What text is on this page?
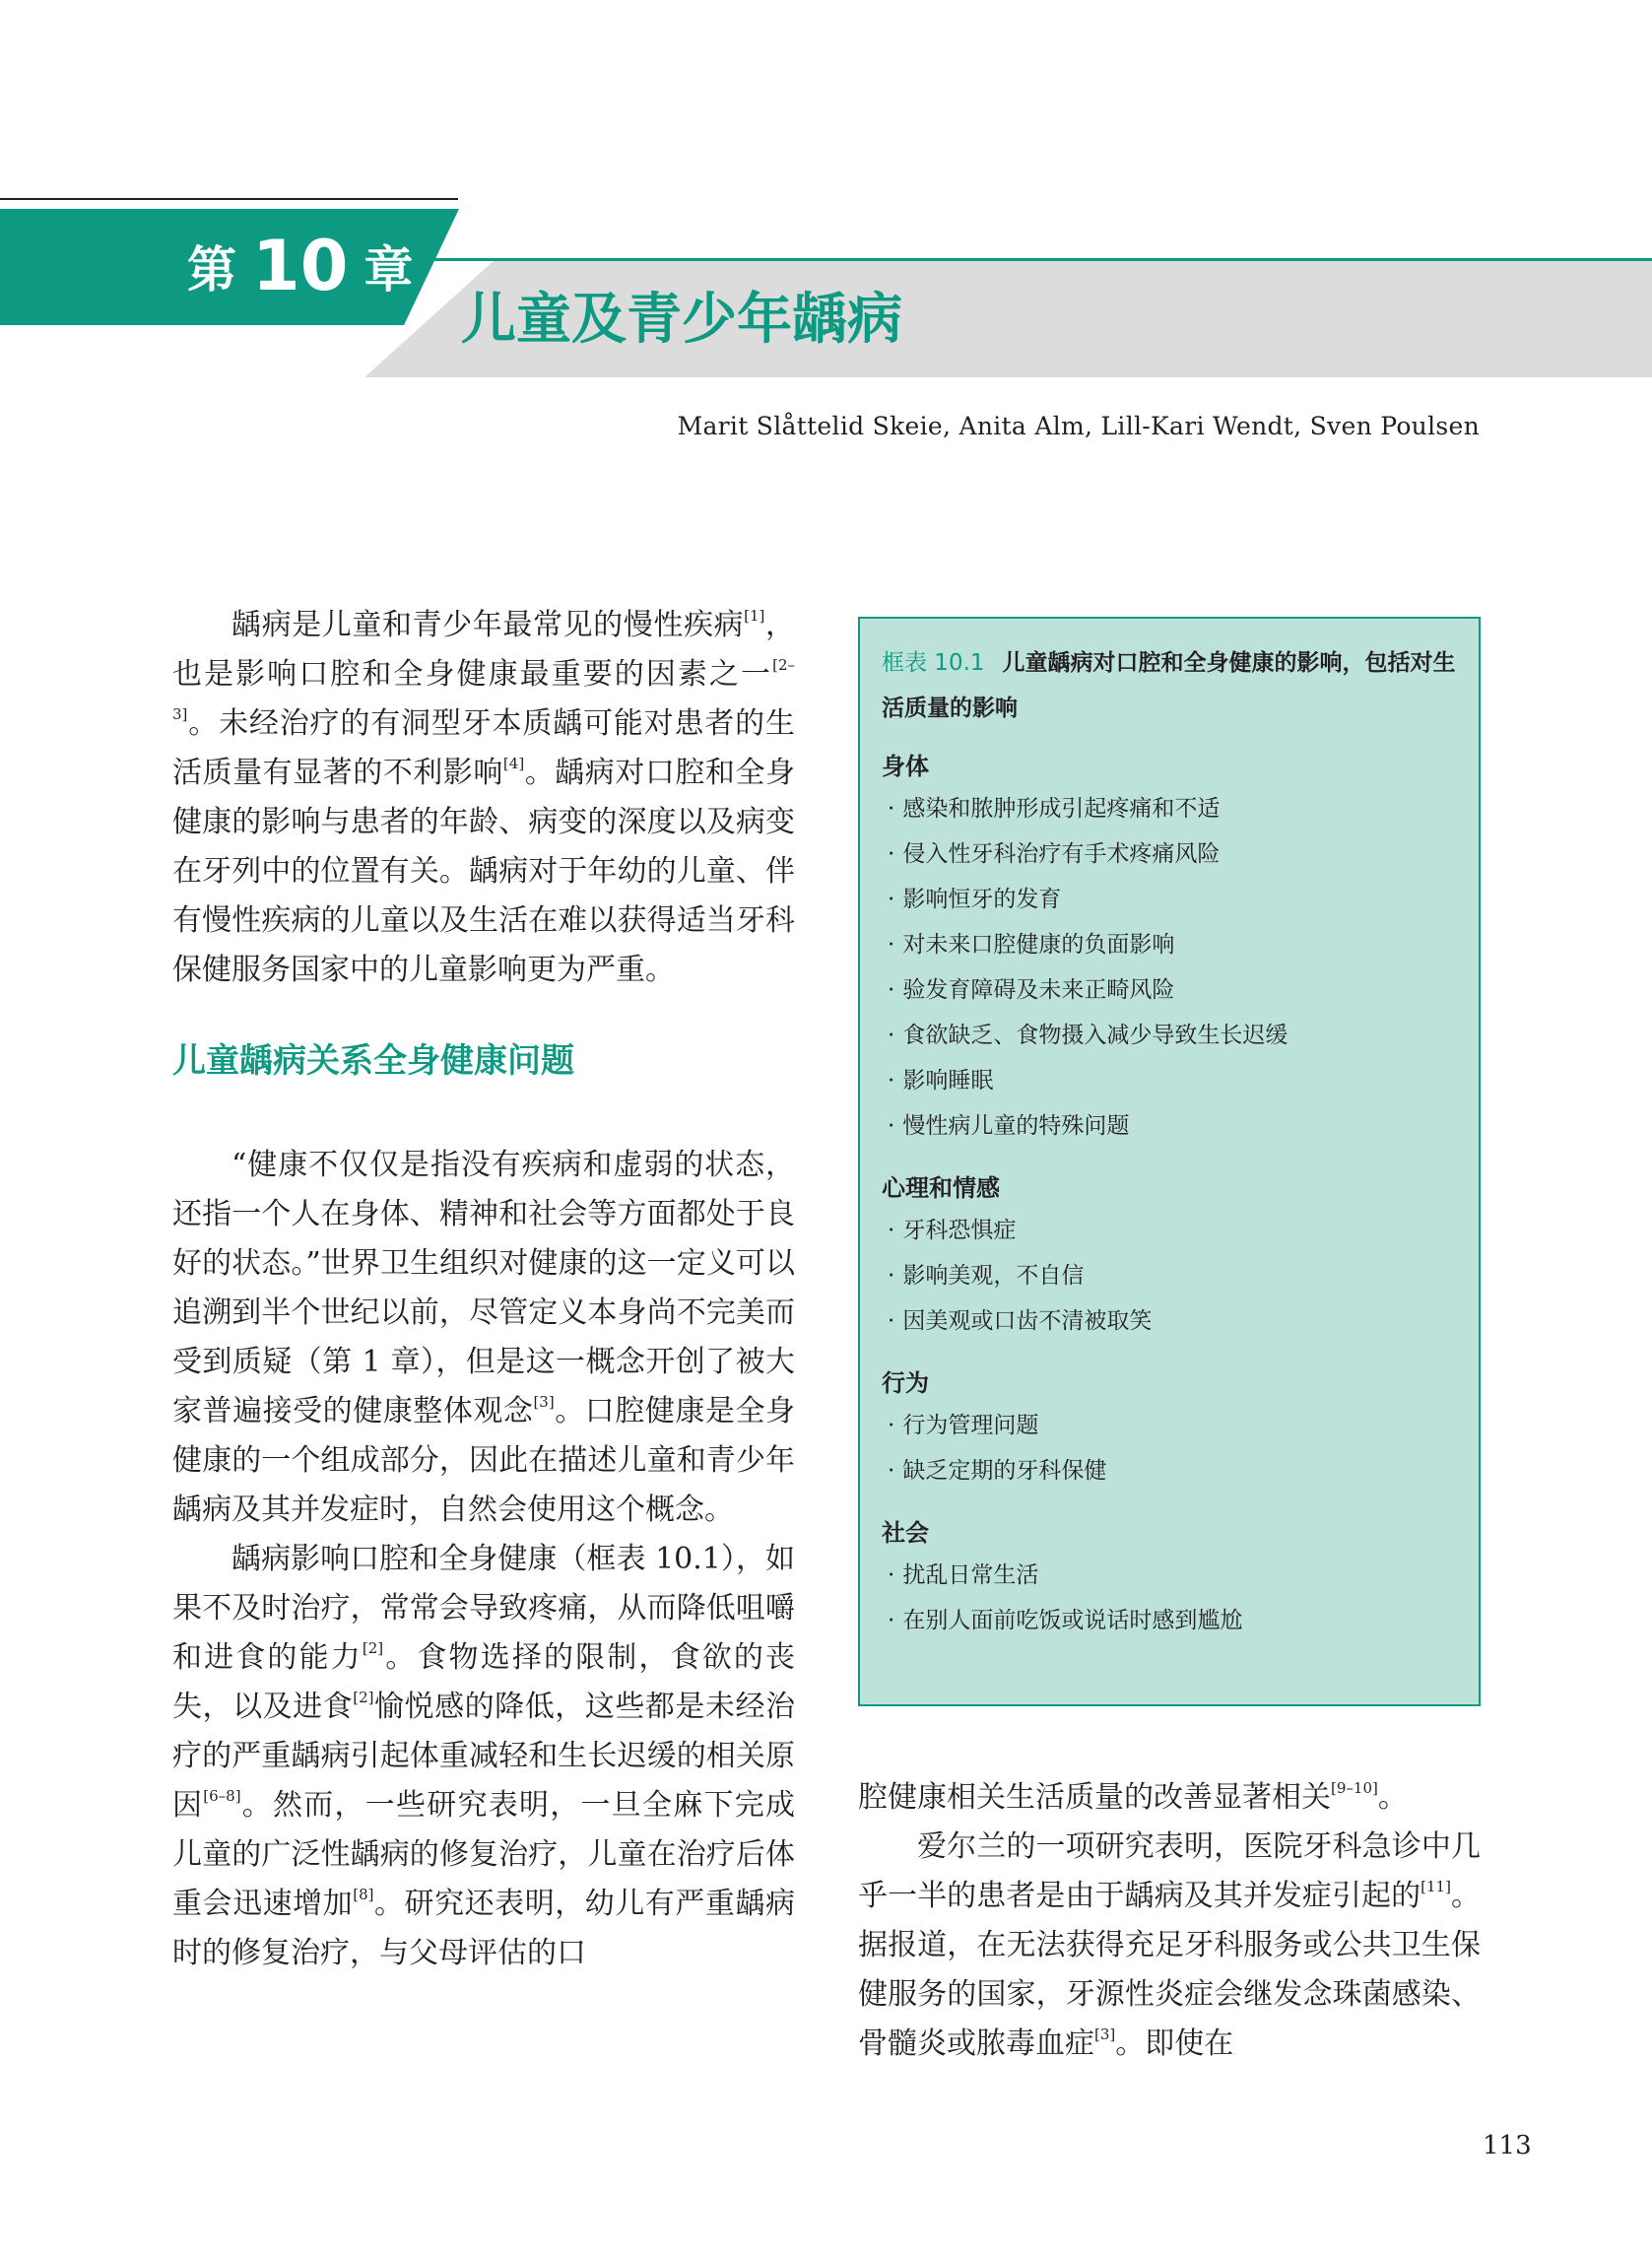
第 10 章
儿童及青少年龋病
Marit Slåttelid Skeie, Anita Alm, Lill-Kari Wendt, Sven Poulsen

龋病是儿童和青少年最常见的慢性疾病[1]，也是影响口腔和全身健康最重要的因素之一[2–3]。未经治疗的有洞型牙本质龋可能对患者的生活质量有显著的不利影响[4]。龋病对口腔和全身健康的影响与患者的年龄、病变的深度以及病变在牙列中的位置有关。龋病对于年幼的儿童、伴有慢性疾病的儿童以及生活在难以获得适当牙科保健服务国家中的儿童影响更为严重。

儿童龋病关系全身健康问题

“健康不仅仅是指没有疾病和虚弱的状态，还指一个人在身体、精神和社会等方面都处于良好的状态。”世界卫生组织对健康的这一定义可以追溯到半个世纪以前，尽管定义本身尚不完美而受到质疑（第 1 章），但是这一概念开创了被大家普遍接受的健康整体观念[3]。口腔健康是全身健康的一个组成部分，因此在描述儿童和青少年龋病及其并发症时，自然会使用这个概念。

龋病影响口腔和全身健康（框表 10.1），如果不及时治疗，常常会导致疼痛，从而降低咀嚼和进食的能力[2]。食物选择的限制，食欲的丧失，以及进食[2]愉悦感的降低，这些都是未经治疗的严重龋病引起体重减轻和生长迟缓的相关原因[6–8]。然而，一些研究表明，一旦全麻下完成儿童的广泛性龋病的修复治疗，儿童在治疗后体重会迅速增加[8]。研究还表明，幼儿有严重龋病时的修复治疗，与父母评估的口

框表 10.1 儿童龋病对口腔和全身健康的影响，包括对生活质量的影响
身体
· 感染和脓肿形成引起疼痛和不适
· 侵入性牙科治疗有手术疼痛风险
· 影响恒牙的发育
· 对未来口腔健康的负面影响
· 验发育障碍及未来正畸风险
· 食欲缺乏、食物摄入减少导致生长迟缓
· 影响睡眠
· 慢性病儿童的特殊问题
心理和情感
· 牙科恐惧症
· 影响美观，不自信
· 因美观或口齿不清被取笑
行为
· 行为管理问题
· 缺乏定期的牙科保健
社会
· 扰乱日常生活
· 在别人面前吃饭或说话时感到尴尬

腔健康相关生活质量的改善显著相关[9–10]。

爱尔兰的一项研究表明，医院牙科急诊中几乎一半的患者是由于龋病及其并发症引起的[11]。据报道，在无法获得充足牙科服务或公共卫生保健服务的国家，牙源性炎症会继发念珠菌感染、骨髓炎或脓毒血症[3]。即使在

113
